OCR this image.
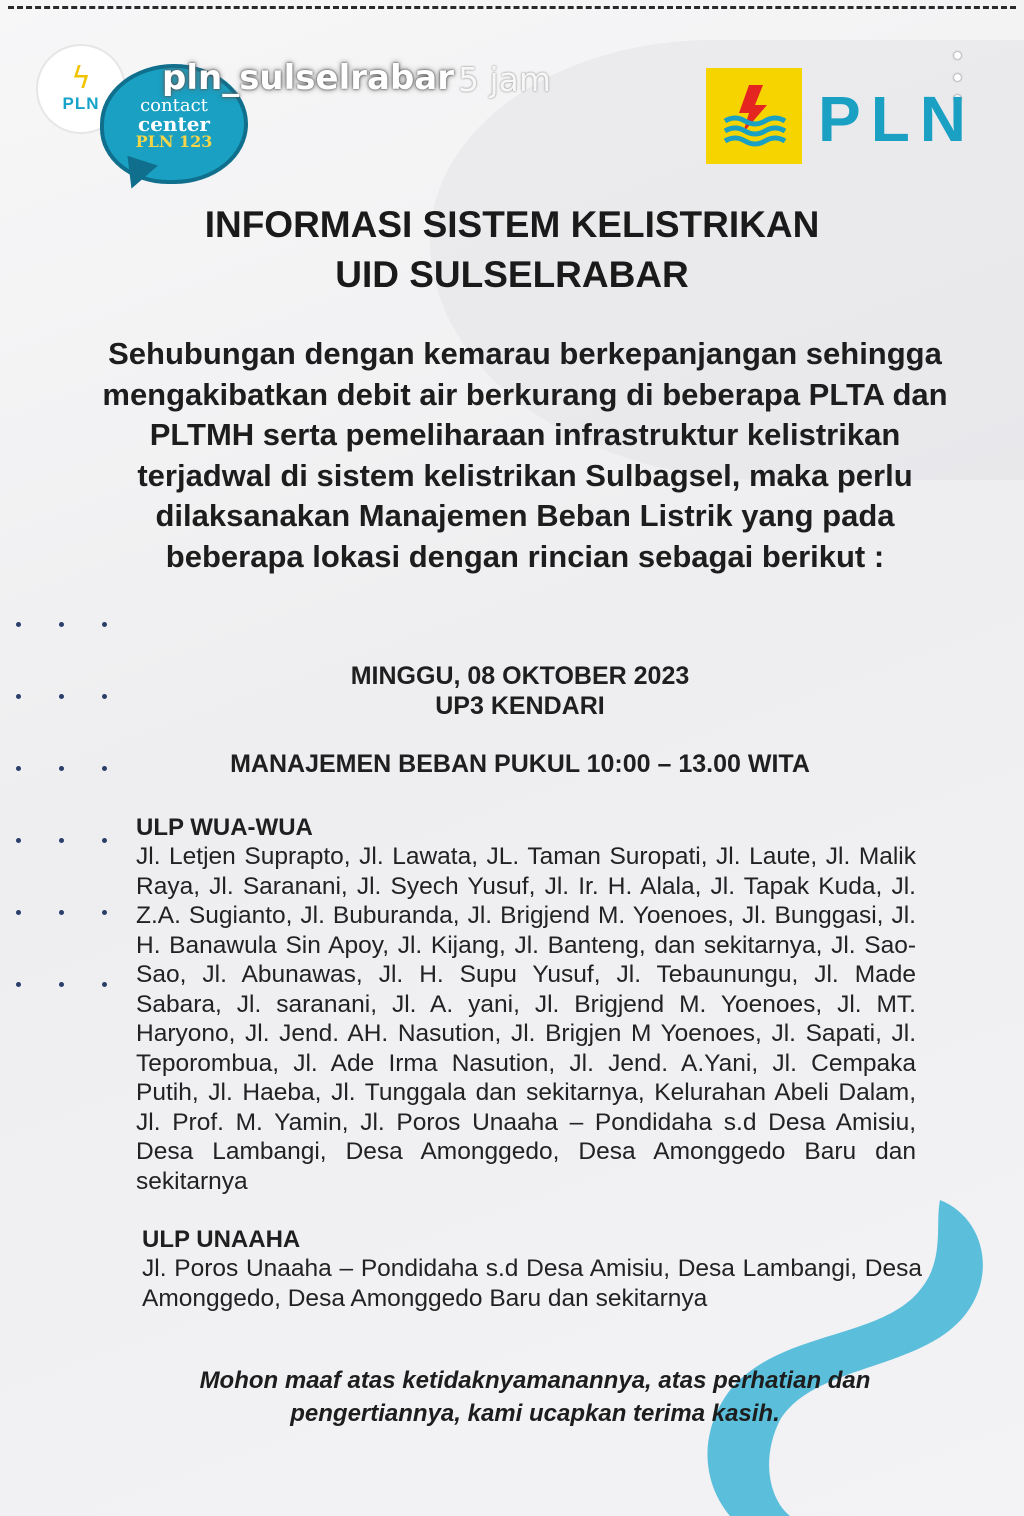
ϟ
PLN contact
center
PLN 123
pln_sulselrabar 5 jam
PLN
INFORMASI SISTEM KELISTRIKAN
UID SULSELRABAR
Sehubungan dengan kemarau berkepanjangan sehingga mengakibatkan debit air berkurang di beberapa PLTA dan PLTMH serta pemeliharaan infrastruktur kelistrikan terjadwal di sistem kelistrikan Sulbagsel, maka perlu dilaksanakan Manajemen Beban Listrik yang pada beberapa lokasi dengan rincian sebagai berikut :
MINGGU, 08 OKTOBER 2023
UP3 KENDARI
MANAJEMEN BEBAN PUKUL 10:00 – 13.00 WITA
ULP WUA-WUA
Jl. Letjen Suprapto, Jl. Lawata, JL. Taman Suropati, Jl. Laute, Jl. Malik Raya, Jl. Saranani, Jl. Syech Yusuf, Jl. Ir. H. Alala, Jl. Tapak Kuda, Jl. Z.A. Sugianto, Jl. Buburanda, Jl. Brigjend M. Yoenoes, Jl. Bunggasi, Jl. H. Banawula Sin Apoy, Jl. Kijang, Jl. Banteng, dan sekitarnya, Jl. Sao-Sao, Jl. Abunawas, Jl. H. Supu Yusuf, Jl. Tebaunungu, Jl. Made Sabara, Jl. saranani, Jl. A. yani, Jl. Brigjend M. Yoenoes, Jl. MT. Haryono, Jl. Jend. AH. Nasution, Jl. Brigjen M Yoenoes, Jl. Sapati, Jl. Teporombua, Jl. Ade Irma Nasution, Jl. Jend. A.Yani, Jl. Cempaka Putih, Jl. Haeba, Jl. Tunggala dan sekitarnya, Kelurahan Abeli Dalam, Jl. Prof. M. Yamin, Jl. Poros Unaaha – Pondidaha s.d Desa Amisiu, Desa Lambangi, Desa Amonggedo, Desa Amonggedo Baru dan sekitarnya
ULP UNAAHA
Jl. Poros Unaaha – Pondidaha s.d Desa Amisiu, Desa Lambangi, Desa Amonggedo, Desa Amonggedo Baru dan sekitarnya
Mohon maaf atas ketidaknyamanannya, atas perhatian dan
pengertiannya, kami ucapkan terima kasih.
